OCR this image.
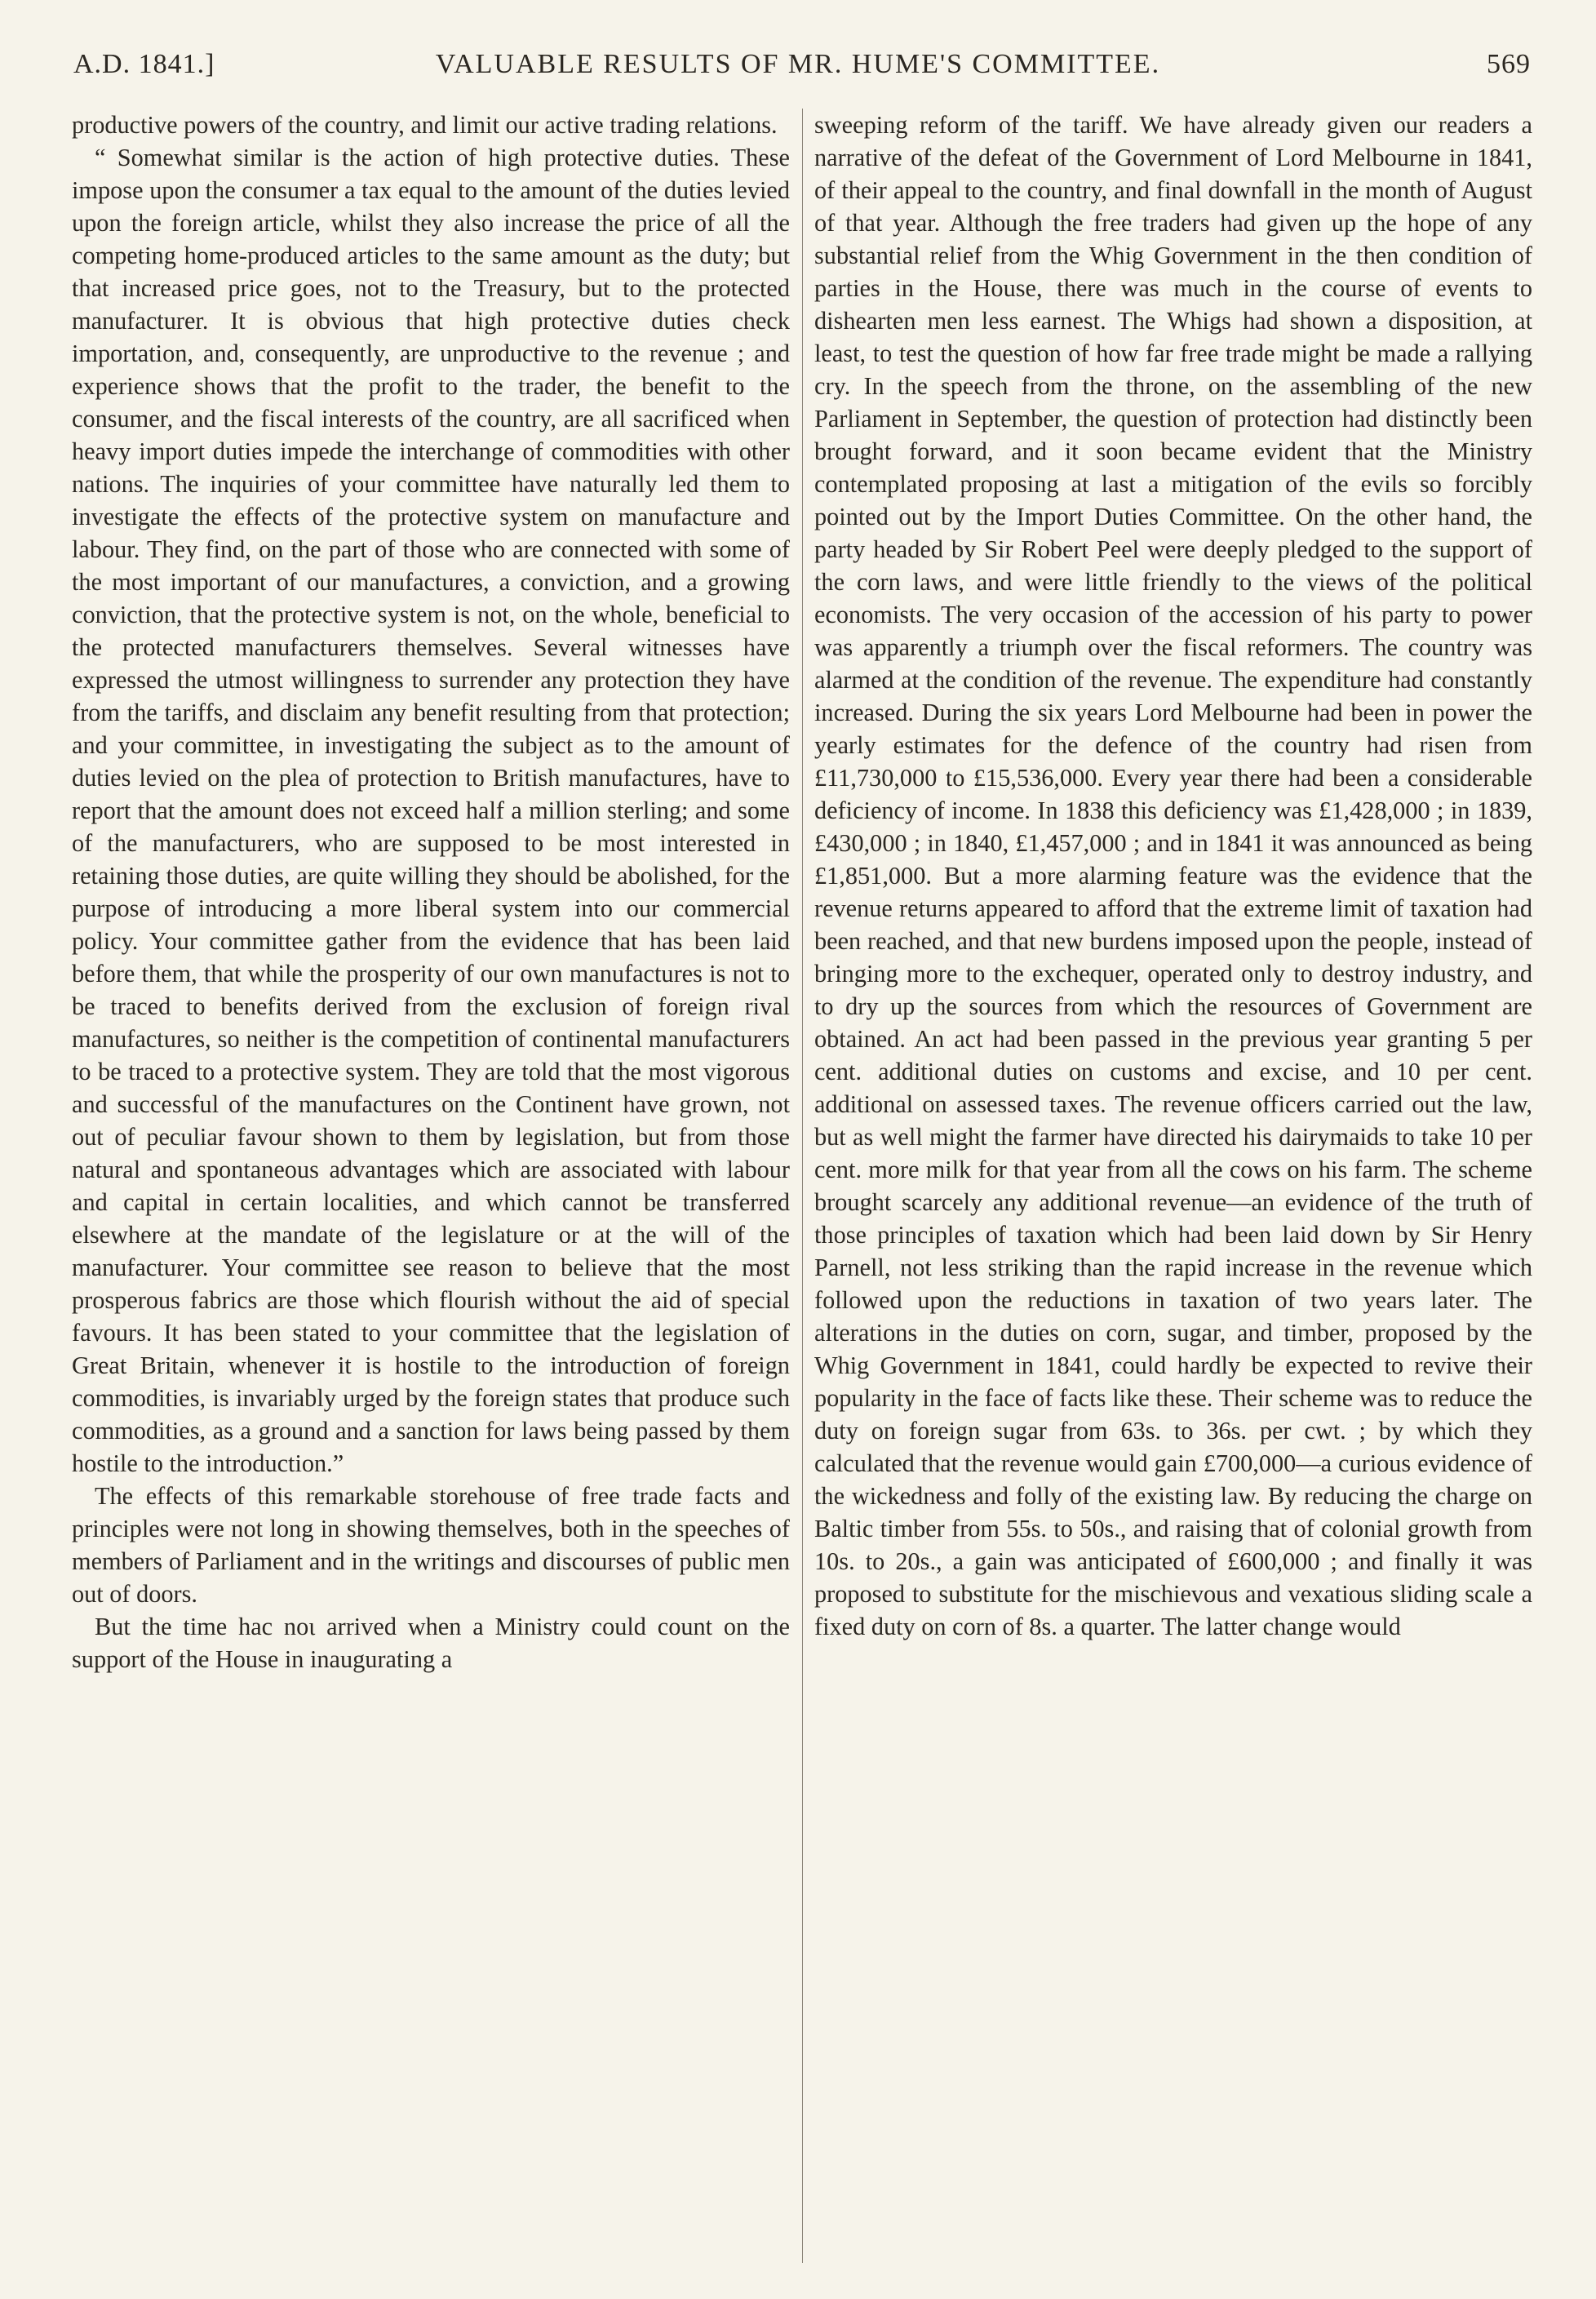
A.D. 1841.]	VALUABLE RESULTS OF MR. HUME'S COMMITTEE.	569

productive powers of the country, and limit our active trading relations.

“ Somewhat similar is the action of high protective duties. These impose upon the consumer a tax equal to the amount of the duties levied upon the foreign article, whilst they also increase the price of all the competing home-produced articles to the same amount as the duty; but that increased price goes, not to the Treasury, but to the protected manufacturer. It is obvious that high protective duties check importation, and, consequently, are unproductive to the revenue ; and experience shows that the profit to the trader, the benefit to the consumer, and the fiscal interests of the country, are all sacrificed when heavy import duties impede the interchange of commodities with other nations. The inquiries of your committee have naturally led them to investigate the effects of the protective system on manufacture and labour. They find, on the part of those who are connected with some of the most important of our manufactures, a conviction, and a growing conviction, that the protective system is not, on the whole, beneficial to the protected manufacturers themselves. Several witnesses have expressed the utmost willingness to surrender any protection they have from the tariffs, and disclaim any benefit resulting from that protection; and your committee, in investigating the subject as to the amount of duties levied on the plea of protection to British manufactures, have to report that the amount does not exceed half a million sterling; and some of the manufacturers, who are supposed to be most interested in retaining those duties, are quite willing they should be abolished, for the purpose of introducing a more liberal system into our commercial policy. Your committee gather from the evidence that has been laid before them, that while the prosperity of our own manufactures is not to be traced to benefits derived from the exclusion of foreign rival manufactures, so neither is the competition of continental manufacturers to be traced to a protective system. They are told that the most vigorous and successful of the manufactures on the Continent have grown, not out of peculiar favour shown to them by legislation, but from those natural and spontaneous advantages which are associated with labour and capital in certain localities, and which cannot be transferred elsewhere at the mandate of the legislature or at the will of the manufacturer. Your committee see reason to believe that the most prosperous fabrics are those which flourish without the aid of special favours. It has been stated to your committee that the legislation of Great Britain, whenever it is hostile to the introduction of foreign commodities, is invariably urged by the foreign states that produce such commodities, as a ground and a sanction for laws being passed by them hostile to the introduction.”

The effects of this remarkable storehouse of free trade facts and principles were not long in showing themselves, both in the speeches of members of Parliament and in the writings and discourses of public men out of doors.

But the time hac noι arrived when a Ministry could count on the support of the House in inaugurating a

sweeping reform of the tariff. We have already given our readers a narrative of the defeat of the Government of Lord Melbourne in 1841, of their appeal to the country, and final downfall in the month of August of that year. Although the free traders had given up the hope of any substantial relief from the Whig Government in the then condition of parties in the House, there was much in the course of events to dishearten men less earnest. The Whigs had shown a disposition, at least, to test the question of how far free trade might be made a rallying cry. In the speech from the throne, on the assembling of the new Parliament in September, the question of protection had distinctly been brought forward, and it soon became evident that the Ministry contemplated proposing at last a mitigation of the evils so forcibly pointed out by the Import Duties Committee. On the other hand, the party headed by Sir Robert Peel were deeply pledged to the support of the corn laws, and were little friendly to the views of the political economists. The very occasion of the accession of his party to power was apparently a triumph over the fiscal reformers. The country was alarmed at the condition of the revenue. The expenditure had constantly increased. During the six years Lord Melbourne had been in power the yearly estimates for the defence of the country had risen from £11,730,000 to £15,536,000. Every year there had been a considerable deficiency of income. In 1838 this deficiency was £1,428,000 ; in 1839, £430,000 ; in 1840, £1,457,000 ; and in 1841 it was announced as being £1,851,000. But a more alarming feature was the evidence that the revenue returns appeared to afford that the extreme limit of taxation had been reached, and that new burdens imposed upon the people, instead of bringing more to the exchequer, operated only to destroy industry, and to dry up the sources from which the resources of Government are obtained. An act had been passed in the previous year granting 5 per cent. additional duties on customs and excise, and 10 per cent. additional on assessed taxes. The revenue officers carried out the law, but as well might the farmer have directed his dairymaids to take 10 per cent. more milk for that year from all the cows on his farm. The scheme brought scarcely any additional revenue—an evidence of the truth of those principles of taxation which had been laid down by Sir Henry Parnell, not less striking than the rapid increase in the revenue which followed upon the reductions in taxation of two years later. The alterations in the duties on corn, sugar, and timber, proposed by the Whig Government in 1841, could hardly be expected to revive their popularity in the face of facts like these. Their scheme was to reduce the duty on foreign sugar from 63s. to 36s. per cwt. ; by which they calculated that the revenue would gain £700,000—a curious evidence of the wickedness and folly of the existing law. By reducing the charge on Baltic timber from 55s. to 50s., and raising that of colonial growth from 10s. to 20s., a gain was anticipated of £600,000 ; and finally it was proposed to substitute for the mischievous and vexatious sliding scale a fixed duty on corn of 8s. a quarter. The latter change would
